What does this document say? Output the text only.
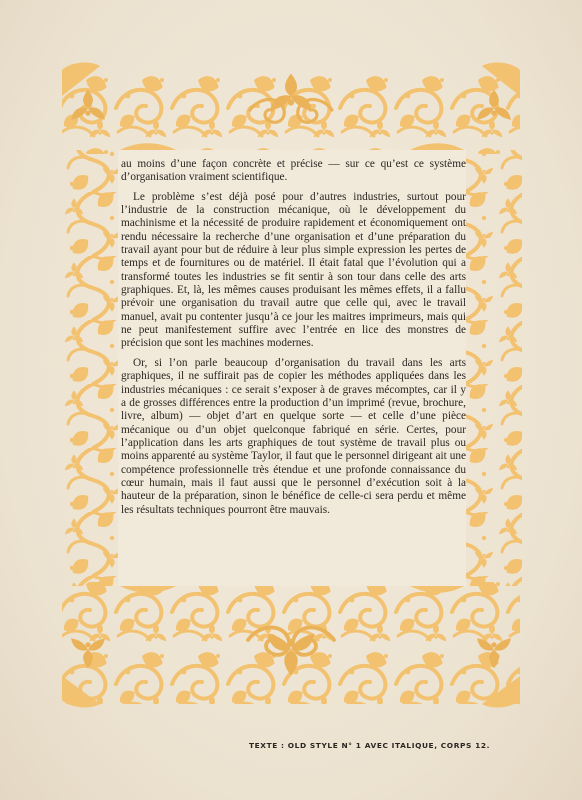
au moins d’une façon concrète et précise — sur ce qu’est ce système d’organisation vraiment scientifique.

Le problème s’est déjà posé pour d’autres industries, surtout pour l’industrie de la construction mécanique, où le développement du machinisme et la nécessité de produire rapidement et économiquement ont rendu nécessaire la recherche d’une organisation et d’une préparation du travail ayant pour but de réduire à leur plus simple expression les pertes de temps et de fournitures ou de matériel. Il était fatal que l’évolution qui a transformé toutes les industries se fit sentir à son tour dans celle des arts graphiques. Et, là, les mêmes causes produisant les mêmes effets, il a fallu prévoir une organisation du travail autre que celle qui, avec le travail manuel, avait pu contenter jusqu’à ce jour les maitres imprimeurs, mais qui ne peut manifestement suffire avec l’entrée en lice des monstres de précision que sont les machines modernes.

Or, si l’on parle beaucoup d’organisation du travail dans les arts graphiques, il ne suffirait pas de copier les méthodes appliquées dans les industries mécaniques : ce serait s’exposer à de graves mécomptes, car il y a de grosses différences entre la production d’un imprimé (revue, brochure, livre, album) — objet d’art en quelque sorte — et celle d’une pièce mécanique ou d’un objet quelconque fabriqué en série. Certes, pour l’application dans les arts graphiques de tout système de travail plus ou moins apparenté au système Taylor, il faut que le personnel dirigeant ait une compétence professionnelle très étendue et une profonde connaissance du cœur humain, mais il faut aussi que le personnel d’exécution soit à la hauteur de la préparation, sinon le bénéfice de celle-ci sera perdu et même les résultats techniques pourront être mauvais.

TEXTE : OLD STYLE N° 1 AVEC ITALIQUE, CORPS 12.
